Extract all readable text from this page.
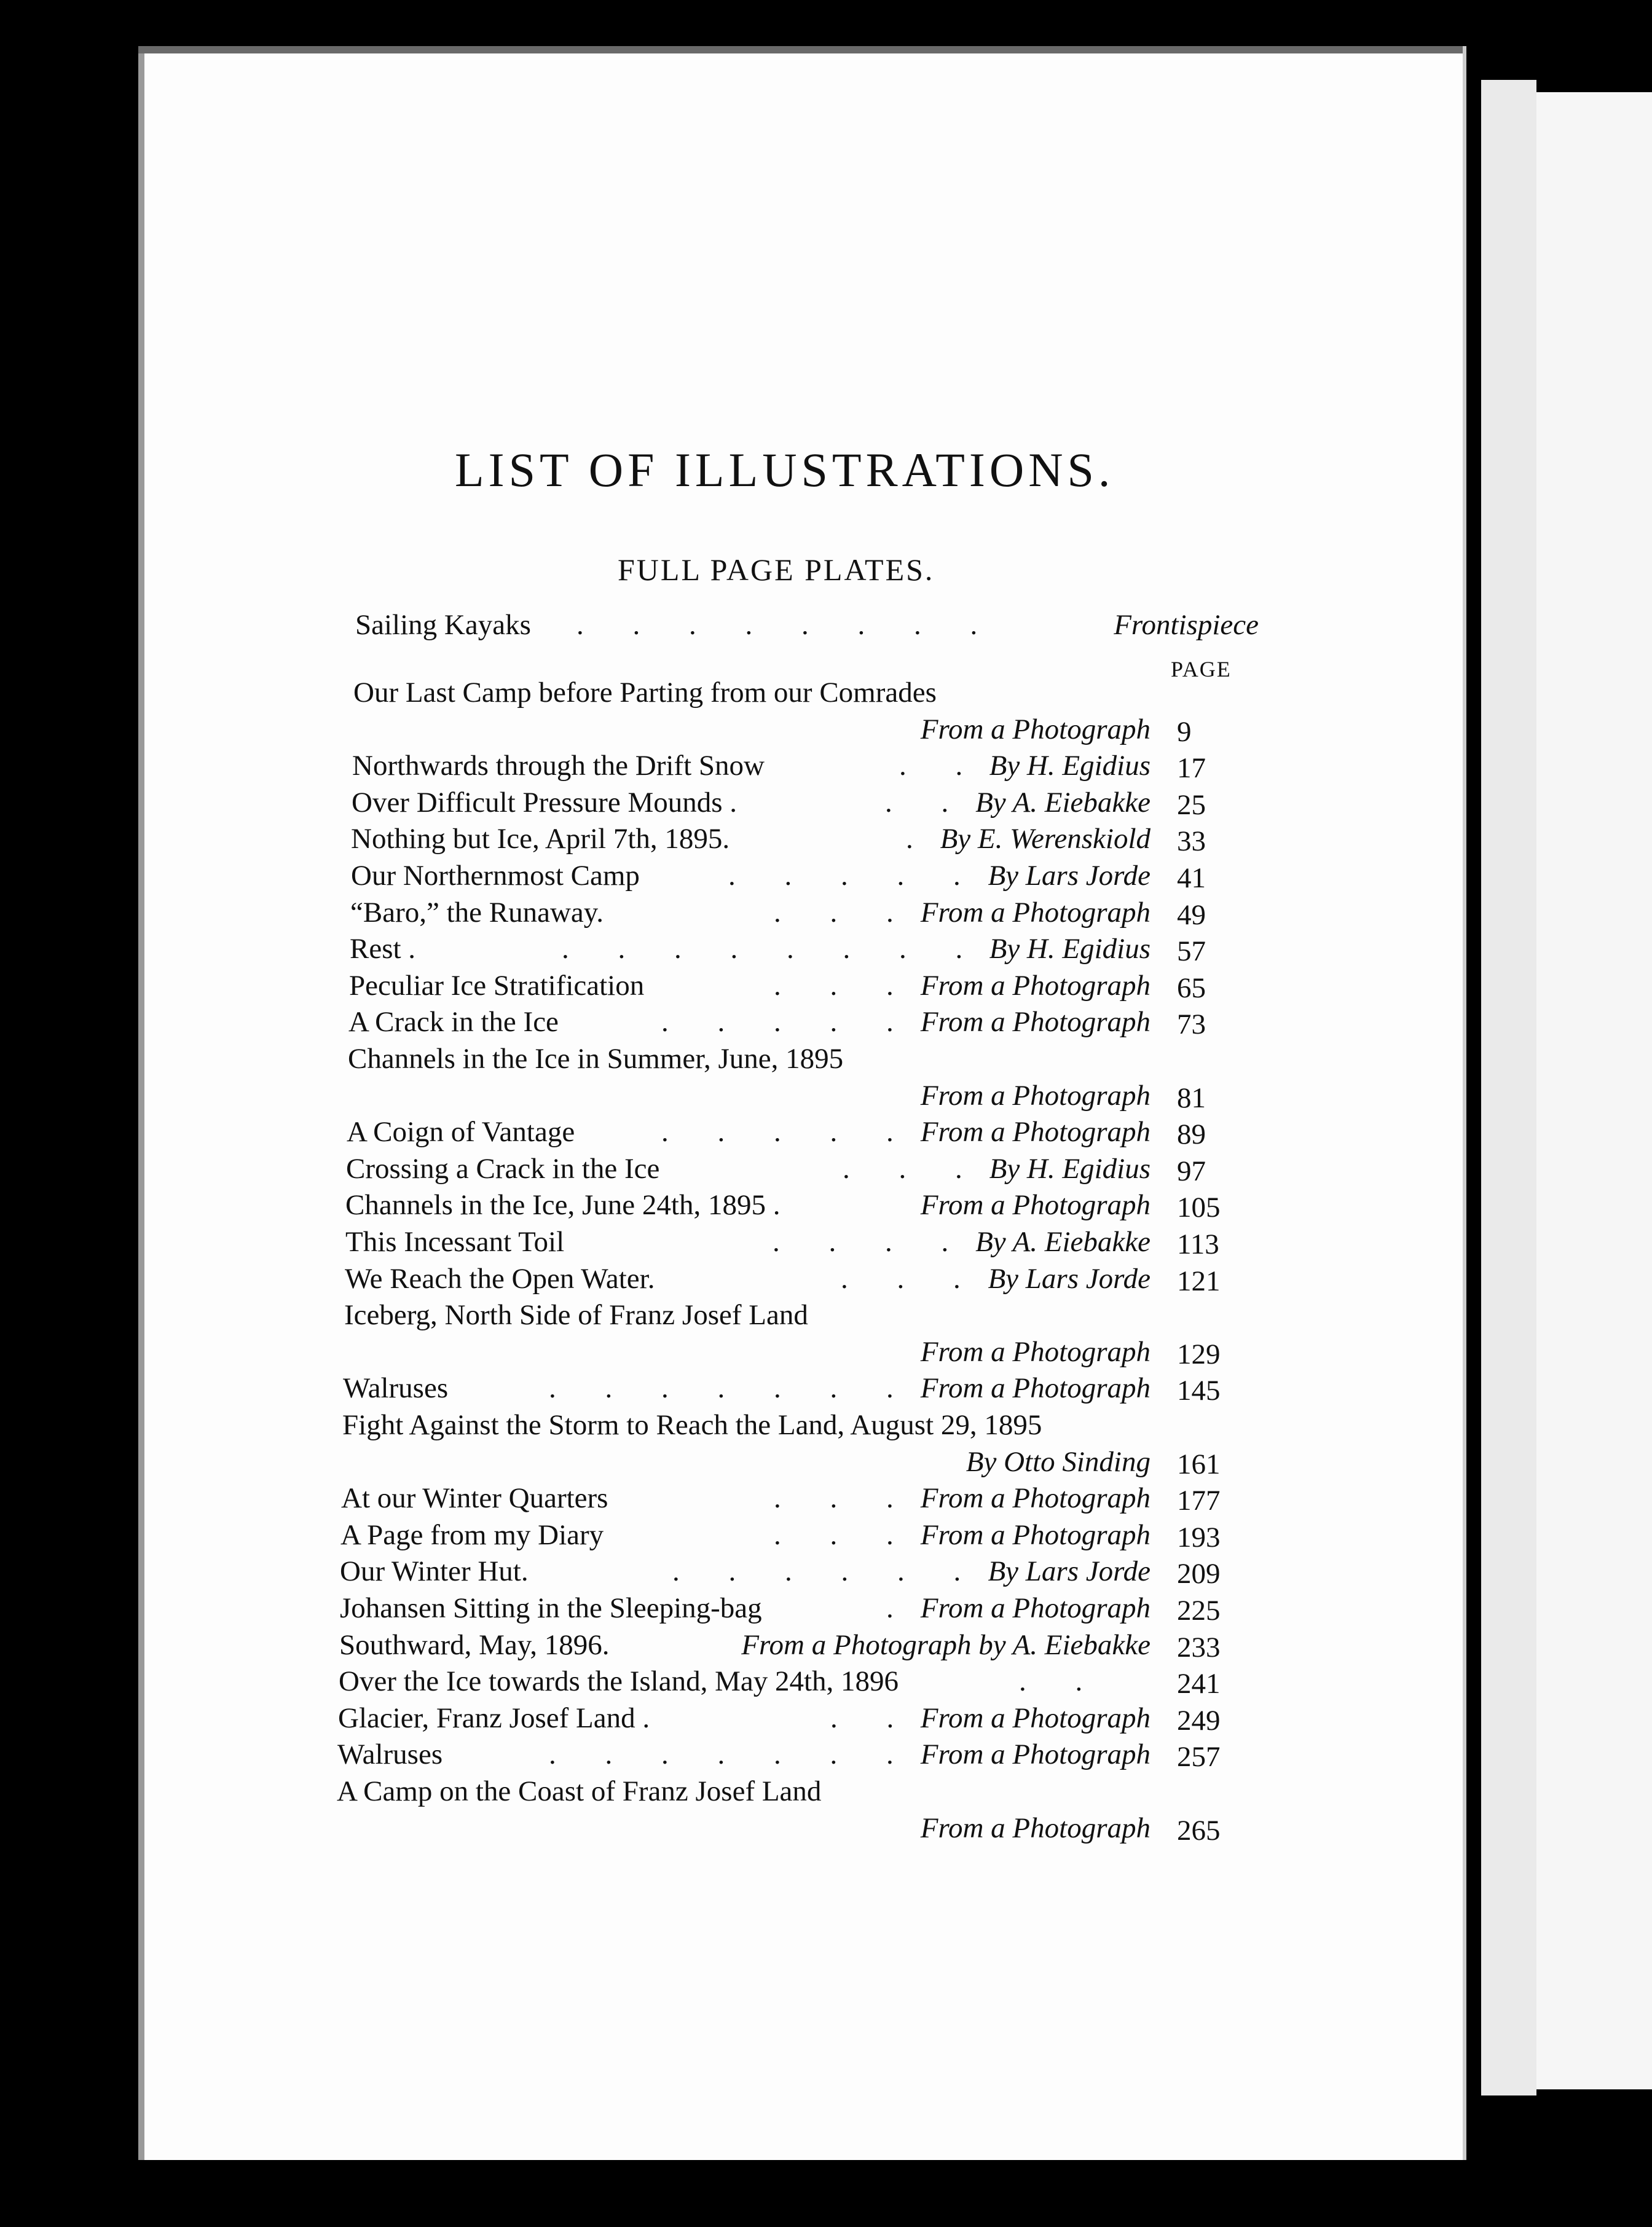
LIST OF ILLUSTRATIONS.
FULL PAGE PLATES.
Sailing Kayaks . . . . . . . .	Frontispiece
PAGE
Our Last Camp before Parting from our Comrades
From a Photograph 9
Northwards through the Drift Snow	. . By H. Egidius 17
Over Difficult Pressure Mounds .	. . By A. Eiebakke 25
Nothing but Ice, April 7th, 1895.	. By E. Werenskiold 33
Our Northernmost Camp	. . . . . By Lars Jorde 41
“Baro,” the Runaway.	. . . From a Photograph 49
Rest .	. . . . . . . . By H. Egidius 57
Peculiar Ice Stratification	. . . From a Photograph 65
A Crack in the Ice	. . . . . From a Photograph 73
Channels in the Ice in Summer, June, 1895
From a Photograph 81
A Coign of Vantage	. . . . . From a Photograph 89
Crossing a Crack in the Ice	. . . By H. Egidius 97
Channels in the Ice, June 24th, 1895 .	From a Photograph 105
This Incessant Toil	. . . . By A. Eiebakke 113
We Reach the Open Water.	. . . By Lars Jorde 121
Iceberg, North Side of Franz Josef Land
From a Photograph 129
Walruses	. . . . . . . From a Photograph 145
Fight Against the Storm to Reach the Land, August 29, 1895
By Otto Sinding 161
At our Winter Quarters	. . . From a Photograph 177
A Page from my Diary	. . . From a Photograph 193
Our Winter Hut.	. . . . . . By Lars Jorde 209
Johansen Sitting in the Sleeping-bag	. From a Photograph 225
Southward, May, 1896.	From a Photograph by A. Eiebakke 233
Over the Ice towards the Island, May 24th, 1896	. .	241
Glacier, Franz Josef Land .	. . From a Photograph 249
Walruses	. . . . . . . From a Photograph 257
A Camp on the Coast of Franz Josef Land
From a Photograph 265
